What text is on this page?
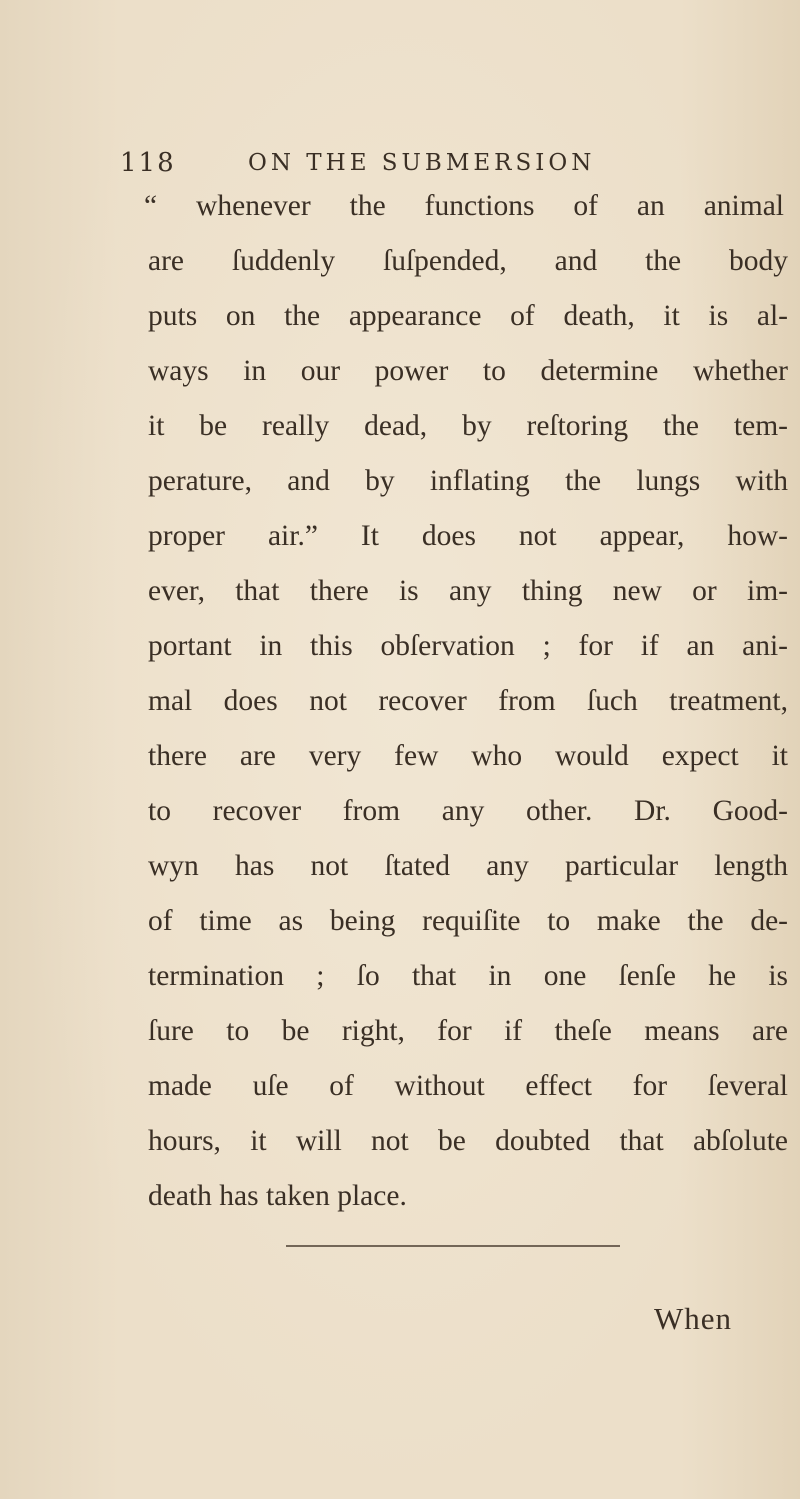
118	ON THE SUBMERSION
“ whenever the functions of an animal
are ſuddenly ſuſpended, and the body
puts on the appearance of death, it is al-
ways in our power to determine whether
it be really dead, by reſtoring the tem-
perature, and by inflating the lungs with
proper air.” It does not appear, how-
ever, that there is any thing new or im-
portant in this obſervation ; for if an ani-
mal does not recover from ſuch treatment,
there are very few who would expect it
to recover from any other. Dr. Good-
wyn has not ſtated any particular length
of time as being requiſite to make the de-
termination ; ſo that in one ſenſe he is
ſure to be right, for if theſe means are
made uſe of without effect for ſeveral
hours, it will not be doubted that abſolute
death has taken place.
When
